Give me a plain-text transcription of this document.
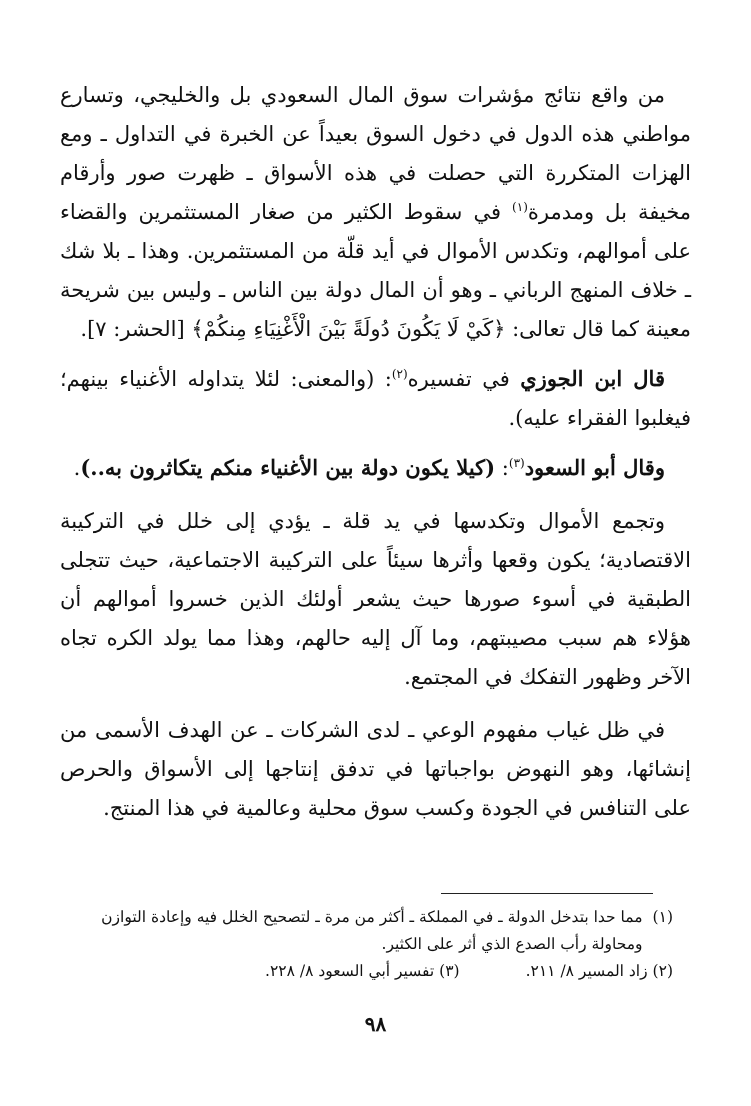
من واقع نتائج مؤشرات سوق المال السعودي بل والخليجي، وتسارع مواطني هذه الدول في دخول السوق بعيداً عن الخبرة في التداول ـ ومع الهزات المتكررة التي حصلت في هذه الأسواق ـ ظهرت صور وأرقام مخيفة بل ومدمرة$^{(١)}$ في سقوط الكثير من صغار المستثمرين والقضاء على أموالهم، وتكدس الأموال في أيد قلّة من المستثمرين. وهذا ـ بلا شك ـ خلاف المنهج الرباني ـ وهو أن المال دولة بين الناس ـ وليس بين شريحة معينة كما قال تعالى: ﴿كَيْ لَا يَكُونَ دُولَةً بَيْنَ الْأَغْنِيَاءِ مِنكُمْ﴾ [الحشر: ٧].

قال ابن الجوزي في تفسيره$^{(٢)}$: (والمعنى: لئلا يتداوله الأغنياء بينهم؛ فيغلبوا الفقراء عليه).

وقال أبو السعود$^{(٣)}$: (كيلا يكون دولة بين الأغنياء منكم يتكاثرون به..).

وتجمع الأموال وتكدسها في يد قلة ـ يؤدي إلى خلل في التركيبة الاقتصادية؛ يكون وقعها وأثرها سيئاً على التركيبة الاجتماعية، حيث تتجلى الطبقية في أسوء صورها حيث يشعر أولئك الذين خسروا أموالهم أن هؤلاء هم سبب مصيبتهم، وما آل إليه حالهم، وهذا مما يولد الكره تجاه الآخر وظهور التفكك في المجتمع.

في ظل غياب مفهوم الوعي ـ لدى الشركات ـ عن الهدف الأسمى من إنشائها، وهو النهوض بواجباتها في تدفق إنتاجها إلى الأسواق والحرص على التنافس في الجودة وكسب سوق محلية وعالمية في هذا المنتج.

(١)
مما حدا بتدخل الدولة ـ في المملكة ـ أكثر من مرة ـ لتصحيح الخلل فيه وإعادة التوازن ومحاولة رأب الصدع الذي أثر على الكثير.
(٢) زاد المسير ٨/ ٢١١.
(٣) تفسير أبي السعود ٨/ ٢٢٨.
٩٨
